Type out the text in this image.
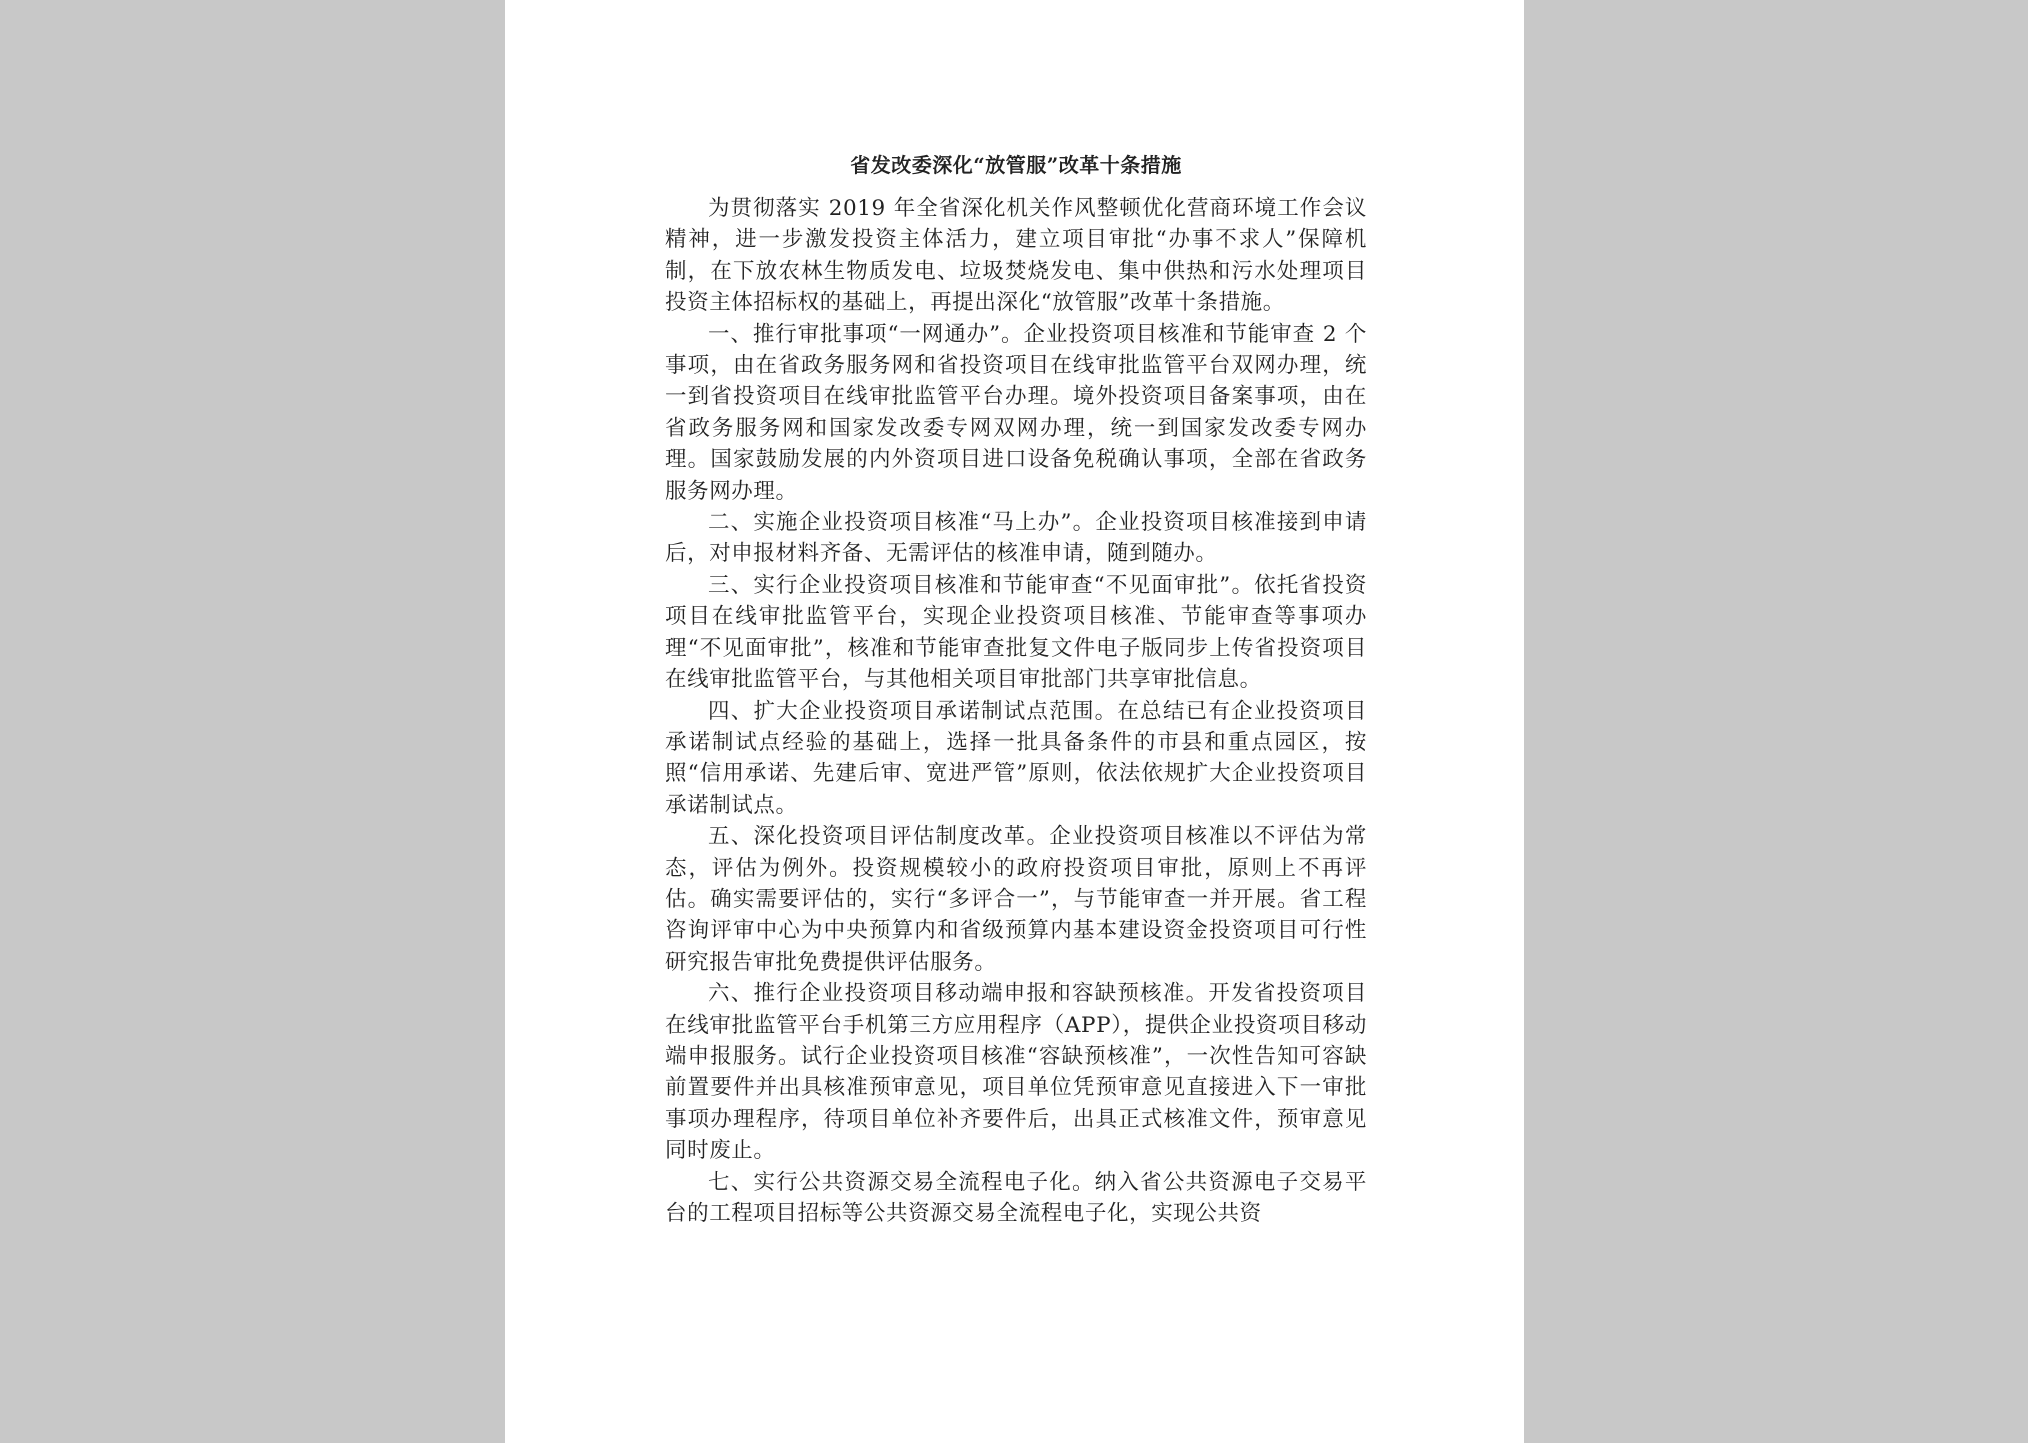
省发改委深化“放管服”改革十条措施

为贯彻落实 2019 年全省深化机关作风整顿优化营商环境工作会议精神，进一步激发投资主体活力，建立项目审批“办事不求人”保障机制，在下放农林生物质发电、垃圾焚烧发电、集中供热和污水处理项目投资主体招标权的基础上，再提出深化“放管服”改革十条措施。

一、推行审批事项“一网通办”。企业投资项目核准和节能审查 2 个事项，由在省政务服务网和省投资项目在线审批监管平台双网办理，统一到省投资项目在线审批监管平台办理。境外投资项目备案事项，由在省政务服务网和国家发改委专网双网办理，统一到国家发改委专网办理。国家鼓励发展的内外资项目进口设备免税确认事项，全部在省政务服务网办理。

二、实施企业投资项目核准“马上办”。企业投资项目核准接到申请后，对申报材料齐备、无需评估的核准申请，随到随办。

三、实行企业投资项目核准和节能审查“不见面审批”。依托省投资项目在线审批监管平台，实现企业投资项目核准、节能审查等事项办理“不见面审批”，核准和节能审查批复文件电子版同步上传省投资项目在线审批监管平台，与其他相关项目审批部门共享审批信息。

四、扩大企业投资项目承诺制试点范围。在总结已有企业投资项目承诺制试点经验的基础上，选择一批具备条件的市县和重点园区，按照“信用承诺、先建后审、宽进严管”原则，依法依规扩大企业投资项目承诺制试点。

五、深化投资项目评估制度改革。企业投资项目核准以不评估为常态，评估为例外。投资规模较小的政府投资项目审批，原则上不再评估。确实需要评估的，实行“多评合一”，与节能审查一并开展。省工程咨询评审中心为中央预算内和省级预算内基本建设资金投资项目可行性研究报告审批免费提供评估服务。

六、推行企业投资项目移动端申报和容缺预核准。开发省投资项目在线审批监管平台手机第三方应用程序（APP），提供企业投资项目移动端申报服务。试行企业投资项目核准“容缺预核准”，一次性告知可容缺前置要件并出具核准预审意见，项目单位凭预审意见直接进入下一审批事项办理程序，待项目单位补齐要件后，出具正式核准文件，预审意见同时废止。

七、实行公共资源交易全流程电子化。纳入省公共资源电子交易平台的工程项目招标等公共资源交易全流程电子化，实现公共资
